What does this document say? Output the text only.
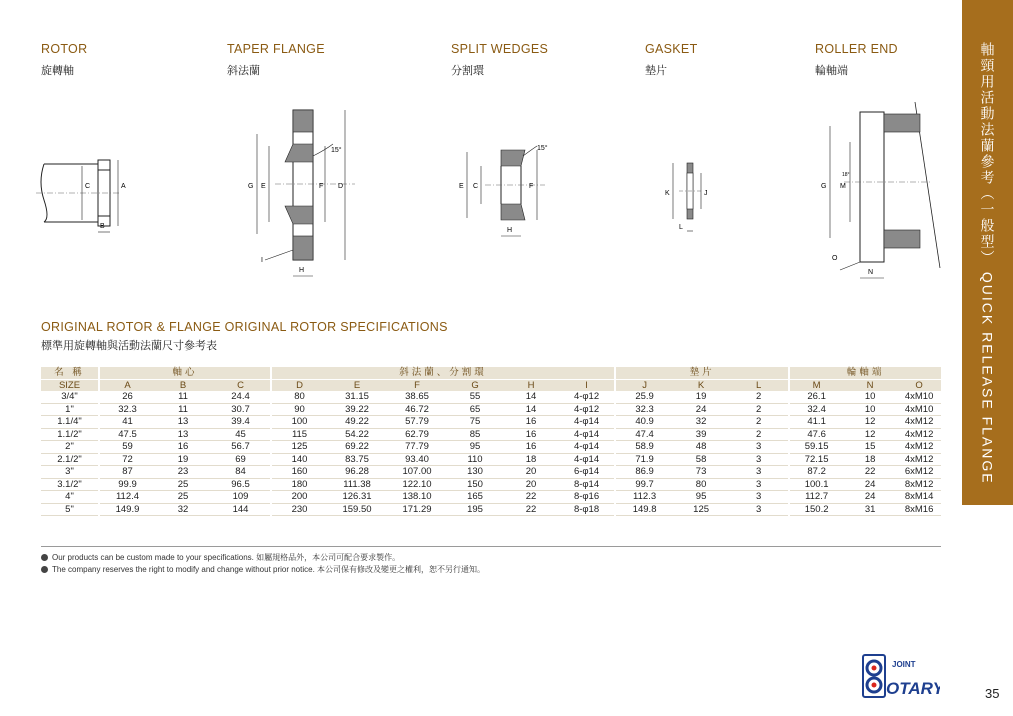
ROTOR
旋轉軸
TAPER FLANGE
斜法蘭
SPLIT WEDGES
分割環
GASKET
墊片
ROLLER END
輪軸端
C	A
B
G E	F D
15°
H
I
E C	F
15°
H
K	J
L
G M
18°
O
N
軸頸用活動法蘭參考（一般型） QUICK RELEASE FLANGE
ORIGINAL ROTOR & FLANGE ORIGINAL ROTOR SPECIFICATIONS
標準用旋轉軸與活動法蘭尺寸參考表
名 稱	軸心			斜法蘭、分割環						墊片			輪軸端		
SIZE	A	B	C	D	E	F	G	H	I	J	K	L	M	N	O
3/4"	26	11	24.4	80	31.15	38.65	55	14	4-φ12	25.9	19	2	26.1	10	4xM10
1"	32.3	11	30.7	90	39.22	46.72	65	14	4-φ12	32.3	24	2	32.4	10	4xM10
1.1/4"	41	13	39.4	100	49.22	57.79	75	16	4-φ14	40.9	32	2	41.1	12	4xM12
1.1/2"	47.5	13	45	115	54.22	62.79	85	16	4-φ14	47.4	39	2	47.6	12	4xM12
2"	59	16	56.7	125	69.22	77.79	95	16	4-φ14	58.9	48	3	59.15	15	4xM12
2.1/2"	72	19	69	140	83.75	93.40	110	18	4-φ14	71.9	58	3	72.15	18	4xM12
3"	87	23	84	160	96.28	107.00	130	20	6-φ14	86.9	73	3	87.2	22	6xM12
3.1/2"	99.9	25	96.5	180	111.38	122.10	150	20	8-φ14	99.7	80	3	100.1	24	8xM12
4"	112.4	25	109	200	126.31	138.10	165	22	8-φ16	112.3	95	3	112.7	24	8xM14
5"	149.9	32	144	230	159.50	171.29	195	22	8-φ18	149.8	125	3	150.2	31	8xM16
Our products can be custom made to your specifications. 如屬規格品外，本公司可配合要求製作。
The company reserves the right to modify and change without prior notice. 本公司保有修改及變更之權利，恕不另行通知。
JOINT
OTARY	35
